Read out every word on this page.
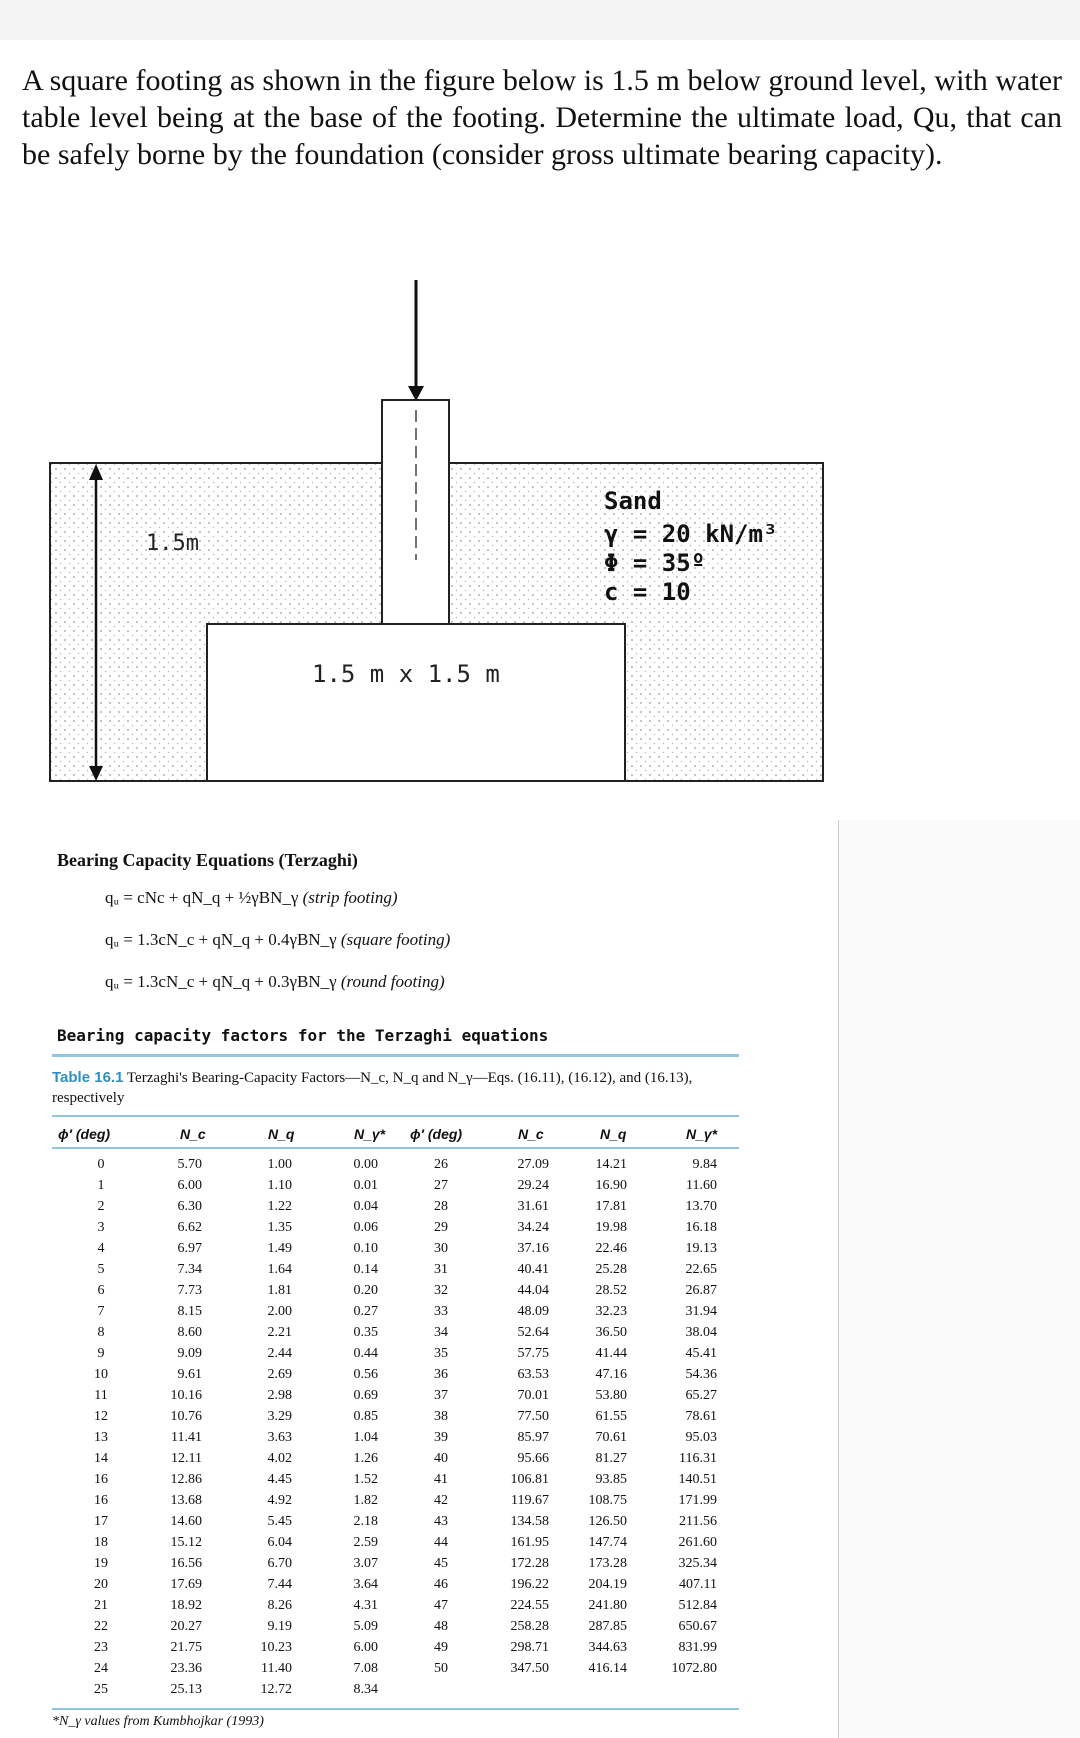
A square footing as shown in the figure below is 1.5 m below ground level, with water table level being at the base of the footing. Determine the ultimate load, Qu, that can be safely borne by the foundation (consider gross ultimate bearing capacity).
1.5m
1.5 m x 1.5 m
Sand
γ = 20 kN/m³
Φ = 35º
c = 10
Bearing Capacity Equations (Terzaghi)
qᵤ = cNc + qN_q + ½γBN_γ (strip footing)
qᵤ = 1.3cN_c + qN_q + 0.4γBN_γ (square footing)
qᵤ = 1.3cN_c + qN_q + 0.3γBN_γ (round footing)
Bearing capacity factors for the Terzaghi equations
Table 16.1 Terzaghi's Bearing-Capacity Factors—N_c, N_q and N_γ—Eqs. (16.11), (16.12), and (16.13), respectively
ϕ′ (deg)	N_c	N_q	N_γ* ϕ′ (deg)	N_c	N_q	N_γ*
0	5.70	1.00	0.00	26	27.09	14.21	9.84
1	6.00	1.10	0.01	27	29.24	16.90	11.60
2	6.30	1.22	0.04	28	31.61	17.81	13.70
3	6.62	1.35	0.06	29	34.24	19.98	16.18
4	6.97	1.49	0.10	30	37.16	22.46	19.13
5	7.34	1.64	0.14	31	40.41	25.28	22.65
6	7.73	1.81	0.20	32	44.04	28.52	26.87
7	8.15	2.00	0.27	33	48.09	32.23	31.94
8	8.60	2.21	0.35	34	52.64	36.50	38.04
9	9.09	2.44	0.44	35	57.75	41.44	45.41
10	9.61	2.69	0.56	36	63.53	47.16	54.36
11	10.16	2.98	0.69	37	70.01	53.80	65.27
12	10.76	3.29	0.85	38	77.50	61.55	78.61
13	11.41	3.63	1.04	39	85.97	70.61	95.03
14	12.11	4.02	1.26	40	95.66	81.27	116.31
16	12.86	4.45	1.52	41	106.81	93.85	140.51
16	13.68	4.92	1.82	42	119.67	108.75	171.99
17	14.60	5.45	2.18	43	134.58	126.50	211.56
18	15.12	6.04	2.59	44	161.95	147.74	261.60
19	16.56	6.70	3.07	45	172.28	173.28	325.34
20	17.69	7.44	3.64	46	196.22	204.19	407.11
21	18.92	8.26	4.31	47	224.55	241.80	512.84
22	20.27	9.19	5.09	48	258.28	287.85	650.67
23	21.75	10.23	6.00	49	298.71	344.63	831.99
24	23.36	11.40	7.08	50	347.50	416.14	1072.80
25	25.13	12.72	8.34
*N_γ values from Kumbhojkar (1993)
